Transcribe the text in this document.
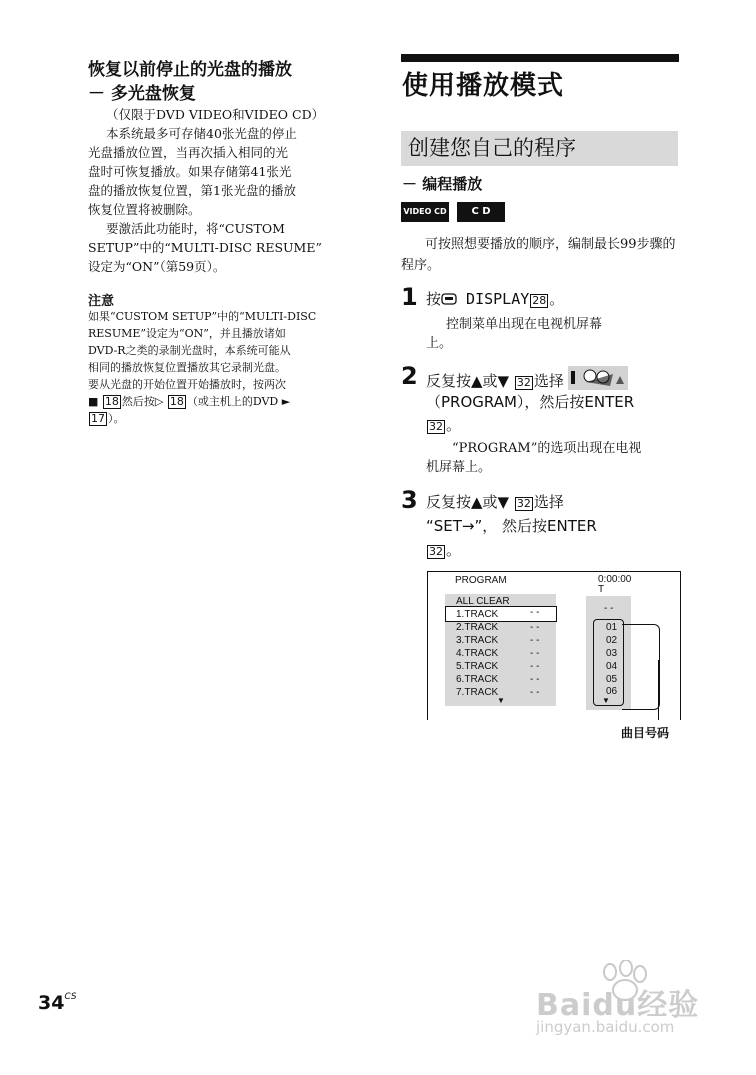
恢复以前停止的光盘的播放
－ 多光盘恢复
（仅限于DVD VIDEO和VIDEO CD）
本系统最多可存储40张光盘的停止
光盘播放位置，当再次插入相同的光
盘时可恢复播放。如果存储第41张光
盘的播放恢复位置，第1张光盘的播放
恢复位置将被删除。
要激活此功能时，将“CUSTOM
SETUP”中的“MULTI-DISC RESUME”
设定为“ON”（第59页）。
注意
如果“CUSTOM SETUP”中的“MULTI-DISC
RESUME”设定为“ON”，并且播放诸如
DVD-R之类的录制光盘时，本系统可能从
相同的播放恢复位置播放其它录制光盘。
要从光盘的开始位置开始播放时，按两次
■ 18 然后按▷ 18 （或主机上的DVD ►
17 ）。
使用播放模式
创建您自己的程序
－ 编程播放
VIDEO CD	C D
可按照想要播放的顺序，编制最长99步骤的程序。
1 按 DISPLAY 28 。
控制菜单出现在电视机屏幕
上。
2 反复按▲或▼ 32 选择
（PROGRAM），然后按ENTER
32 。
“PROGRAM”的选项出现在电视
机屏幕上。
3 反复按▲或▼ 32 选择
“SET→”， 然后按ENTER
32 。
PROGRAM	0:00:00
T
ALL CLEAR
1.TRACK
2.TRACK
3.TRACK
4.TRACK
5.TRACK
6.TRACK
7.TRACK
- -
- -
- -
- -
- -
- -
- -
▼
- -
01
02
03
04
05
06
▼
曲目号码
$34^{CS}$	Baidu经验
jingyan.baidu.com
